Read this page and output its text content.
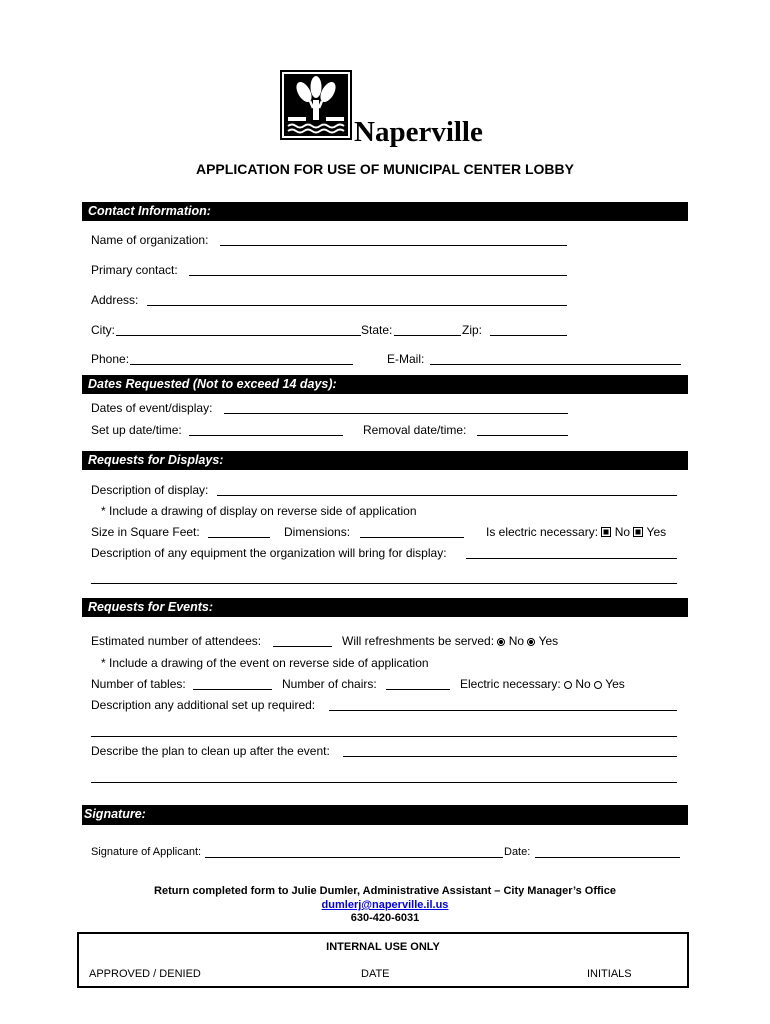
Naperville
APPLICATION FOR USE OF MUNICIPAL CENTER LOBBY
Contact Information:
Name of organization:
Primary contact:
Address:
City:	State:	Zip:
Phone:	E-Mail:
Dates Requested (Not to exceed 14 days):
Dates of event/display:
Set up date/time:	Removal date/time:
Requests for Displays:
Description of display:
* Include a drawing of display on reverse side of application
Size in Square Feet:	Dimensions:	Is electric necessary: No Yes
Description of any equipment the organization will bring for display:
Requests for Events:
Estimated number of attendees:	Will refreshments be served: No Yes
* Include a drawing of the event on reverse side of application
Number of tables:	Number of chairs:	Electric necessary: No Yes
Description any additional set up required:
Describe the plan to clean up after the event:
Signature:
Signature of Applicant:	Date:
Return completed form to Julie Dumler, Administrative Assistant – City Manager’s Office
dumlerj@naperville.il.us
630-420-6031
INTERNAL USE ONLY
APPROVED / DENIED	DATE	INITIALS
